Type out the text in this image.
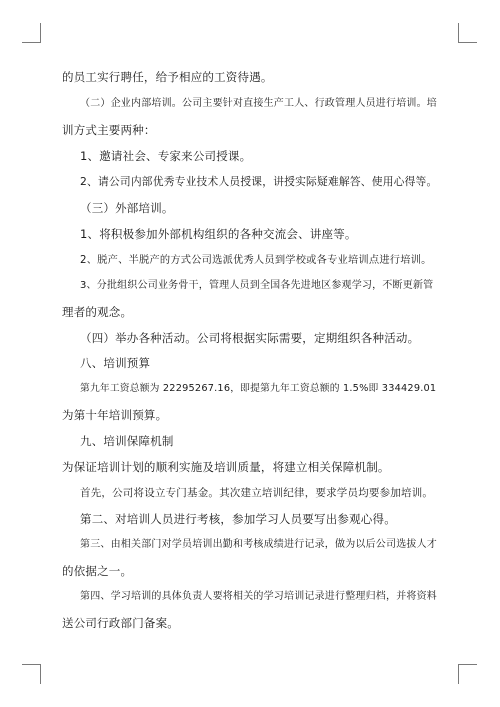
的员工实行聘任，给予相应的工资待遇。

（二）企业内部培训。公司主要针对直接生产工人、行政管理人员进行培训。培

训方式主要两种：

1、邀请社会、专家来公司授课。

2、请公司内部优秀专业技术人员授课，讲授实际疑难解答、使用心得等。

（三）外部培训。

1、将积极参加外部机构组织的各种交流会、讲座等。

2、脱产、半脱产的方式公司选派优秀人员到学校或各专业培训点进行培训。

3、分批组织公司业务骨干，管理人员到全国各先进地区参观学习，不断更新管

理者的观念。

（四）举办各种活动。公司将根据实际需要，定期组织各种活动。

八、培训预算

第九年工资总额为 22295267.16，即提第九年工资总额的 1.5%即 334429.01

为第十年培训预算。

九、培训保障机制

为保证培训计划的顺利实施及培训质量，将建立相关保障机制。

首先，公司将设立专门基金。其次建立培训纪律，要求学员均要参加培训。

第二、对培训人员进行考核，参加学习人员要写出参观心得。

第三、由相关部门对学员培训出勤和考核成绩进行记录，做为以后公司选拔人才

的依据之一。

第四、学习培训的具体负责人要将相关的学习培训记录进行整理归档，并将资料

送公司行政部门备案。
